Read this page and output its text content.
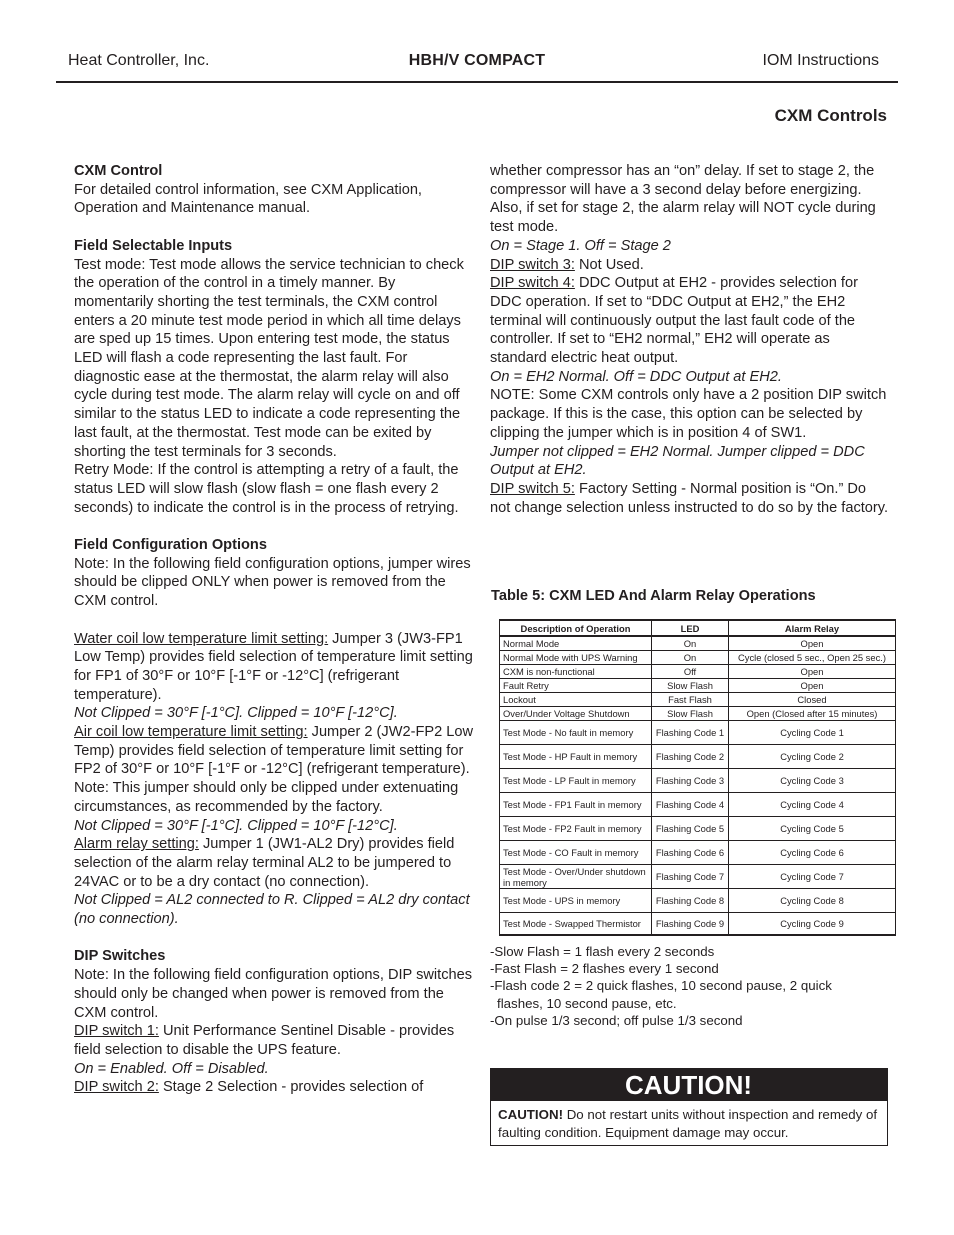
Heat Controller, Inc.	HBH/V COMPACT	IOM Instructions
CXM Controls

CXM Control

For detailed control information, see CXM Application, Operation and Maintenance manual.

Field Selectable Inputs

Test mode: Test mode allows the service technician to check the operation of the control in a timely manner. By momentarily shorting the test terminals, the CXM control enters a 20 minute test mode period in which all time delays are sped up 15 times. Upon entering test mode, the status LED will flash a code representing the last fault. For diagnostic ease at the thermostat, the alarm relay will also cycle during test mode. The alarm relay will cycle on and off similar to the status LED to indicate a code representing the last fault, at the thermostat. Test mode can be exited by shorting the test terminals for 3 seconds.

Retry Mode: If the control is attempting a retry of a fault, the status LED will slow flash (slow flash = one flash every 2 seconds) to indicate the control is in the process of retrying.

Field Configuration Options

Note: In the following field configuration options, jumper wires should be clipped ONLY when power is removed from the CXM control.

Water coil low temperature limit setting: Jumper 3 (JW3-FP1 Low Temp) provides field selection of temperature limit setting for FP1 of 30°F or 10°F [-1°F or -12°C] (refrigerant temperature).

Not Clipped = 30°F [-1°C]. Clipped = 10°F [-12°C].

Air coil low temperature limit setting: Jumper 2 (JW2-FP2 Low Temp) provides field selection of temperature limit setting for FP2 of 30°F or 10°F [-1°F or -12°C] (refrigerant temperature). Note: This jumper should only be clipped under extenuating circumstances, as recommended by the factory.

Not Clipped = 30°F [-1°C]. Clipped = 10°F [-12°C].

Alarm relay setting: Jumper 1 (JW1-AL2 Dry) provides field selection of the alarm relay terminal AL2 to be jumpered to 24VAC or to be a dry contact (no connection).

Not Clipped = AL2 connected to R. Clipped = AL2 dry contact (no connection).

DIP Switches

Note: In the following field configuration options, DIP switches should only be changed when power is removed from the CXM control.

DIP switch 1: Unit Performance Sentinel Disable - provides field selection to disable the UPS feature.

On = Enabled. Off = Disabled.

DIP switch 2: Stage 2 Selection - provides selection of

whether compressor has an “on” delay. If set to stage 2, the compressor will have a 3 second delay before energizing. Also, if set for stage 2, the alarm relay will NOT cycle during test mode.

On = Stage 1. Off = Stage 2

DIP switch 3: Not Used.

DIP switch 4: DDC Output at EH2 - provides selection for DDC operation. If set to “DDC Output at EH2,” the EH2 terminal will continuously output the last fault code of the controller. If set to “EH2 normal,” EH2 will operate as standard electric heat output.

On = EH2 Normal. Off = DDC Output at EH2.

NOTE: Some CXM controls only have a 2 position DIP switch package. If this is the case, this option can be selected by clipping the jumper which is in position 4 of SW1.

Jumper not clipped = EH2 Normal. Jumper clipped = DDC Output at EH2.

DIP switch 5: Factory Setting - Normal position is “On.” Do not change selection unless instructed to do so by the factory.

Table 5: CXM LED And Alarm Relay Operations
Description of Operation	LED	Alarm Relay
Normal Mode	On	Open
Normal Mode with UPS Warning	On	Cycle (closed 5 sec., Open 25 sec.)
CXM is non-functional	Off	Open
Fault Retry	Slow Flash	Open
Lockout	Fast Flash	Closed
Over/Under Voltage Shutdown	Slow Flash	Open (Closed after 15 minutes)
Test Mode - No fault in memory	Flashing Code 1	Cycling Code 1
Test Mode - HP Fault in memory	Flashing Code 2	Cycling Code 2
Test Mode - LP Fault in memory	Flashing Code 3	Cycling Code 3
Test Mode - FP1 Fault in memory	Flashing Code 4	Cycling Code 4
Test Mode - FP2 Fault in memory	Flashing Code 5	Cycling Code 5
Test Mode - CO Fault in memory	Flashing Code 6	Cycling Code 6
Test Mode - Over/Under shutdown in memory	Flashing Code 7	Cycling Code 7
Test Mode - UPS in memory	Flashing Code 8	Cycling Code 8
Test Mode - Swapped Thermistor	Flashing Code 9	Cycling Code 9

-Slow Flash = 1 flash every 2 seconds

-Fast Flash = 2 flashes every 1 second

-Flash code 2 = 2 quick flashes, 10 second pause, 2 quick

flashes, 10 second pause, etc.

-On pulse 1/3 second; off pulse 1/3 second

CAUTION!
CAUTION! Do not restart units without inspection and remedy of faulting condition. Equipment damage may occur.
